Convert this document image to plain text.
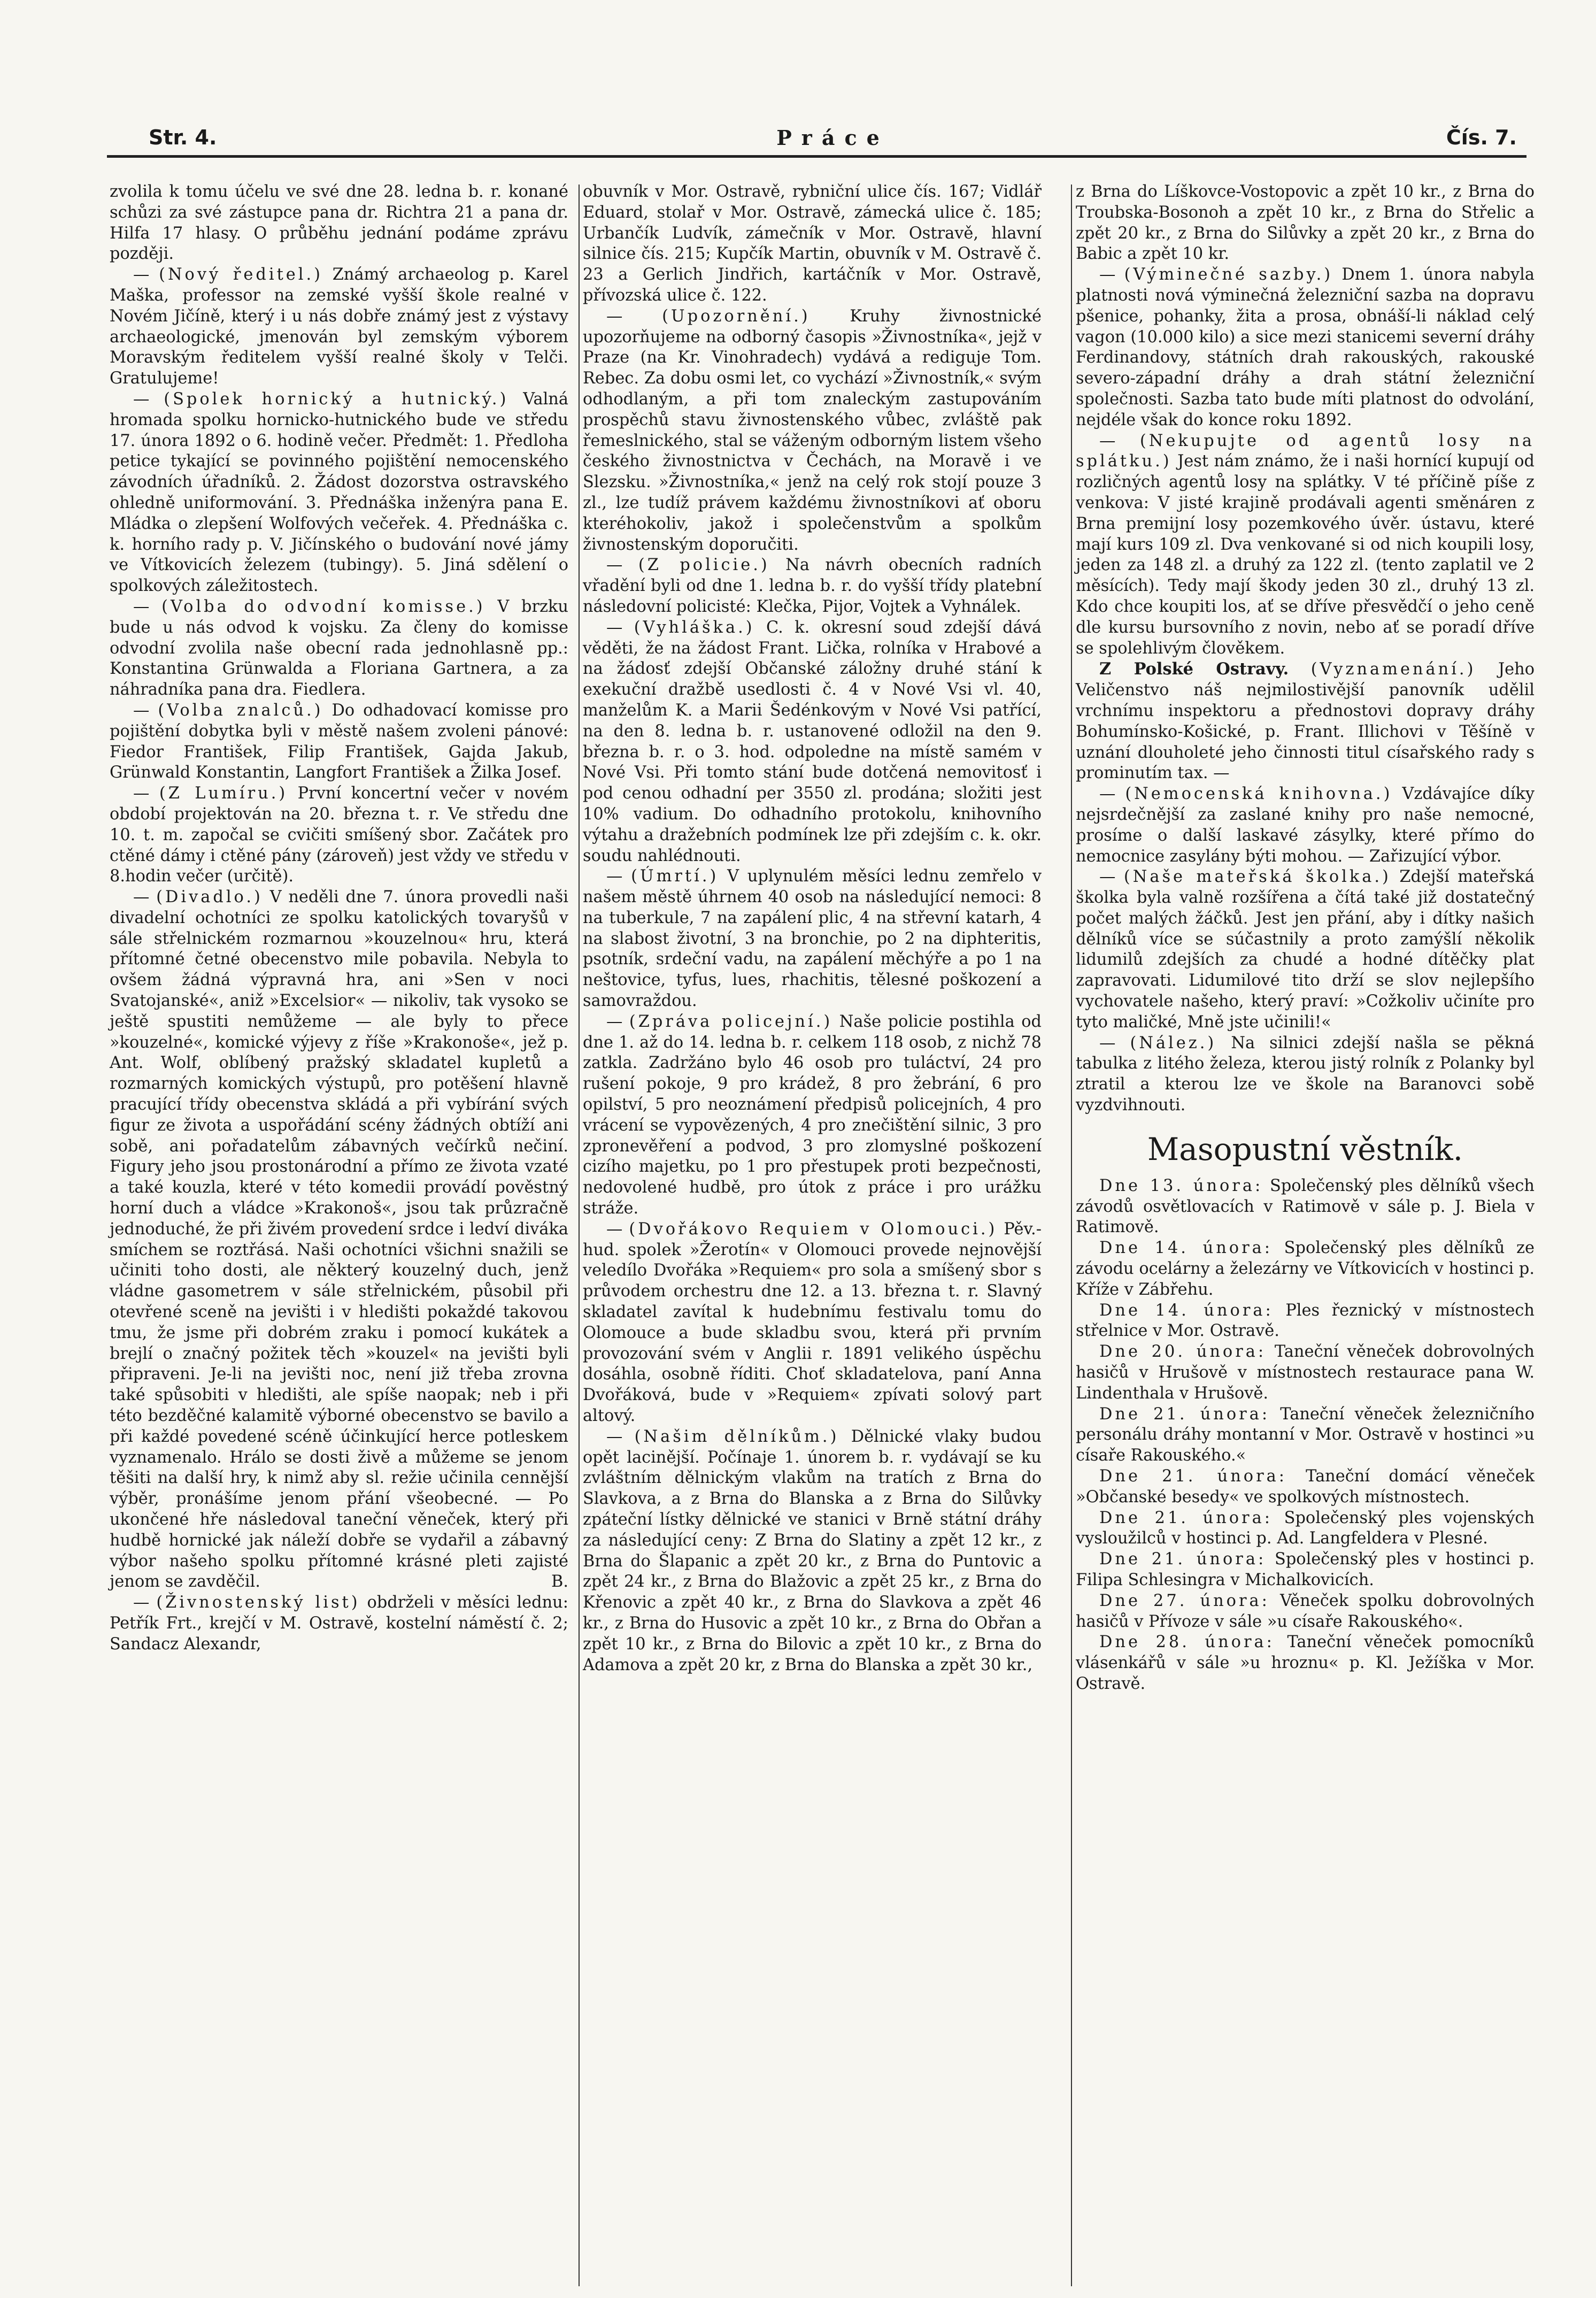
Str. 4.	Práce	Čís. 7.

zvolila k tomu účelu ve své dne 28. ledna b. r. konané schůzi za své zástupce pana dr. Richtra 21 a pana dr. Hilfa 17 hlasy. O průběhu jednání podáme zprávu později.

— (Nový ředitel.) Známý archaeolog p. Karel Maška, professor na zemské vyšší škole realné v Novém Jičíně, který i u nás dobře známý jest z výstavy archaeologické, jmenován byl zemským výborem Moravským ředitelem vyšší realné školy v Telči. Gratulujeme!

— (Spolek hornický a hutnický.) Valná hromada spolku hornicko-hutnického bude ve středu 17. února 1892 o 6. hodině večer. Předmět: 1. Předloha petice tykající se povinného pojištění nemocenského závodních úřadníků. 2. Žádost dozorstva ostravského ohledně uniformování. 3. Přednáška inženýra pana E. Mládka o zlepšení Wolfových večeřek. 4. Přednáška c. k. horního rady p. V. Jičínského o budování nové jámy ve Vítkovicích železem (tubingy). 5. Jiná sdělení o spolkových záležitostech.

— (Volba do odvodní komisse.) V brzku bude u nás odvod k vojsku. Za členy do komisse odvodní zvolila naše obecní rada jednohlasně pp.: Konstantina Grünwalda a Floriana Gartnera, a za náhradníka pana dra. Fiedlera.

— (Volba znalců.) Do odhadovací komisse pro pojištění dobytka byli v městě našem zvoleni pánové: Fiedor František, Filip František, Gajda Jakub, Grünwald Konstantin, Langfort František a Žilka Josef.

— (Z Lumíru.) První koncertní večer v novém období projektován na 20. března t. r. Ve středu dne 10. t. m. započal se cvičiti smíšený sbor. Začátek pro ctěné dámy i ctěné pány (zároveň) jest vždy ve středu v 8.hodin večer (určitě).

— (Divadlo.) V neděli dne 7. února provedli naši divadelní ochotníci ze spolku katolických tovaryšů v sále střelnickém rozmarnou »kouzelnou« hru, která přítomné četné obecenstvo mile pobavila. Nebyla to ovšem žádná výpravná hra, ani »Sen v noci Svatojanské«, aniž »Excelsior« — nikoliv, tak vysoko se ještě spustiti nemůžeme — ale byly to přece »kouzelné«, komické výjevy z říše »Krakonoše«, jež p. Ant. Wolf, oblíbený pražský skladatel kupletů a rozmarných komických výstupů, pro potěšení hlavně pracující třídy obecenstva skládá a při vybírání svých figur ze života a uspořádání scény žádných obtíží ani sobě, ani pořadatelům zábavných večírků nečiní. Figury jeho jsou prostonárodní a přímo ze života vzaté a také kouzla, které v této komedii provádí pověstný horní duch a vládce »Krakonoš«, jsou tak průzračně jednoduché, že při živém provedení srdce i ledví diváka smíchem se roztřásá. Naši ochotníci všichni snažili se učiniti toho dosti, ale některý kouzelný duch, jenž vládne gasometrem v sále střelnickém, působil při otevřené sceně na jevišti i v hledišti pokaždé takovou tmu, že jsme při dobrém zraku i pomocí kukátek a brejlí o značný požitek těch »kouzel« na jevišti byli připraveni. Je-li na jevišti noc, není již třeba zrovna také spůsobiti v hledišti, ale spíše naopak; neb i při této bezděčné kalamitě výborné obecenstvo se bavilo a při každé povedené scéně účinkující herce potleskem vyznamenalo. Hrálo se dosti živě a můžeme se jenom těšiti na další hry, k nimž aby sl. režie učinila cennější výběr, pronášíme jenom přání všeobecné. — Po ukončené hře následoval taneční věneček, který při hudbě hornické jak náleží dobře se vydařil a zábavný výbor našeho spolku přítomné krásné pleti zajisté jenom se zavděčil.	B.

— (Živnostenský list) obdrželi v měsíci lednu: Petřík Frt., krejčí v M. Ostravě, kostelní náměstí č. 2; Sandacz Alexandr,

obuvník v Mor. Ostravě, rybniční ulice čís. 167; Vidlář Eduard, stolař v Mor. Ostravě, zámecká ulice č. 185; Urbančík Ludvík, zámečník v Mor. Ostravě, hlavní silnice čís. 215; Kupčík Martin, obuvník v M. Ostravě č. 23 a Gerlich Jindřich, kartáčník v Mor. Ostravě, přívozská ulice č. 122.

— (Upozornění.) Kruhy živnostnické upozorňujeme na odborný časopis »Živnostníka«, jejž v Praze (na Kr. Vinohradech) vydává a rediguje Tom. Rebec. Za dobu osmi let, co vychází »Živnostník,« svým odhodlaným, a při tom znaleckým zastupováním prospěchů stavu živnostenského vůbec, zvláště pak řemeslnického, stal se váženým odborným listem všeho českého živnostnictva v Čechách, na Moravě i ve Slezsku. »Živnostníka,« jenž na celý rok stojí pouze 3 zl., lze tudíž právem každému živnostníkovi ať oboru kteréhokoliv, jakož i společenstvům a spolkům živnostenským doporučiti.

— (Z policie.) Na návrh obecních radních vřadění byli od dne 1. ledna b. r. do vyšší třídy platební následovní policisté: Klečka, Pijor, Vojtek a Vyhnálek.

— (Vyhláška.) C. k. okresní soud zdejší dává věděti, že na žádost Frant. Lička, rolníka v Hrabové a na žádosť zdejší Občanské záložny druhé stání k exekuční dražbě usedlosti č. 4 v Nové Vsi vl. 40, manželům K. a Marii Šedénkovým v Nové Vsi patřící, na den 8. ledna b. r. ustanovené odložil na den 9. března b. r. o 3. hod. odpoledne na místě samém v Nové Vsi. Při tomto stání bude dotčená nemovitosť i pod cenou odhadní per 3550 zl. prodána; složiti jest 10% vadium. Do odhadního protokolu, knihovního výtahu a dražebních podmínek lze při zdejším c. k. okr. soudu nahlédnouti.

— (Úmrtí.) V uplynulém měsíci lednu zemřelo v našem městě úhrnem 40 osob na následující nemoci: 8 na tuberkule, 7 na zapálení plic, 4 na střevní katarh, 4 na slabost životní, 3 na bronchie, po 2 na diphteritis, psotník, srdeční vadu, na zapálení měchýře a po 1 na neštovice, tyfus, lues, rhachitis, tělesné poškození a samovraždou.

— (Zpráva policejní.) Naše policie postihla od dne 1. až do 14. ledna b. r. celkem 118 osob, z nichž 78 zatkla. Zadržáno bylo 46 osob pro tuláctví, 24 pro rušení pokoje, 9 pro krádež, 8 pro žebrání, 6 pro opilství, 5 pro neoznámení předpisů policejních, 4 pro vrácení se vypovězených, 4 pro znečištění silnic, 3 pro zpronevěření a podvod, 3 pro zlomyslné poškození cizího majetku, po 1 pro přestupek proti bezpečnosti, nedovolené hudbě, pro útok z práce i pro urážku stráže.

— (Dvořákovo Requiem v Olomouci.) Pěv.-hud. spolek »Žerotín« v Olomouci provede nejnovější veledílo Dvořáka »Requiem« pro sola a smíšený sbor s průvodem orchestru dne 12. a 13. března t. r. Slavný skladatel zavítal k hudebnímu festivalu tomu do Olomouce a bude skladbu svou, která při prvním provozování svém v Anglii r. 1891 velikého úspěchu dosáhla, osobně říditi. Choť skladatelova, paní Anna Dvořáková, bude v »Requiem« zpívati solový part altový.

— (Našim dělníkům.) Dělnické vlaky budou opět lacinější. Počínaje 1. únorem b. r. vydávají se ku zvláštním dělnickým vlakům na tratích z Brna do Slavkova, a z Brna do Blanska a z Brna do Silůvky zpáteční lístky dělnické ve stanici v Brně státní dráhy za následující ceny: Z Brna do Slatiny a zpět 12 kr., z Brna do Šlapanic a zpět 20 kr., z Brna do Puntovic a zpět 24 kr., z Brna do Blažovic a zpět 25 kr., z Brna do Křenovic a zpět 40 kr., z Brna do Slavkova a zpět 46 kr., z Brna do Husovic a zpět 10 kr., z Brna do Obřan a zpět 10 kr., z Brna do Bilovic a zpět 10 kr., z Brna do Adamova a zpět 20 kr, z Brna do Blanska a zpět 30 kr.,

z Brna do Líškovce-Vostopovic a zpět 10 kr., z Brna do Troubska-Bosonoh a zpět 10 kr., z Brna do Střelic a zpět 20 kr., z Brna do Silůvky a zpět 20 kr., z Brna do Babic a zpět 10 kr.

— (Výminečné sazby.) Dnem 1. února nabyla platnosti nová výminečná železniční sazba na dopravu pšenice, pohanky, žita a prosa, obnáší-li náklad celý vagon (10.000 kilo) a sice mezi stanicemi severní dráhy Ferdinandovy, státních drah rakouských, rakouské severo-západní dráhy a drah státní železniční společnosti. Sazba tato bude míti platnost do odvolání, nejdéle však do konce roku 1892.

— (Nekupujte od agentů losy na splátku.) Jest nám známo, že i naši hornící kupují od rozličných agentů losy na splátky. V té příčině píše z venkova: V jisté krajině prodávali agenti směnáren z Brna premijní losy pozemkového úvěr. ústavu, které mají kurs 109 zl. Dva venkované si od nich koupili losy, jeden za 148 zl. a druhý za 122 zl. (tento zaplatil ve 2 měsících). Tedy mají škody jeden 30 zl., druhý 13 zl. Kdo chce koupiti los, ať se dříve přesvědčí o jeho ceně dle kursu bursovního z novin, nebo ať se poradí dříve se spolehlivým člověkem.

Z Polské Ostravy. (Vyznamenání.) Jeho Veličenstvo náš nejmilostivější panovník udělil vrchnímu inspektoru a přednostovi dopravy dráhy Bohumínsko-Košické, p. Frant. Illichovi v Těšíně v uznání dlouholeté jeho činnosti titul císařského rady s prominutím tax. —

— (Nemocenská knihovna.) Vzdávajíce díky nejsrdečnější za zaslané knihy pro naše nemocné, prosíme o další laskavé zásylky, které přímo do nemocnice zasylány býti mohou. — Zařizující výbor.

— (Naše mateřská školka.) Zdejší mateřská školka byla valně rozšířena a čítá také již dostatečný počet malých žáčků. Jest jen přání, aby i dítky našich dělníků více se súčastnily a proto zamýšlí několik lidumilů zdejších za chudé a hodné dítěčky plat zapravovati. Lidumilové tito drží se slov nejlepšího vychovatele našeho, který praví: »Cožkoliv učiníte pro tyto maličké, Mně jste učinili!«

— (Nález.) Na silnici zdejší našla se pěkná tabulka z litého železa, kterou jistý rolník z Polanky byl ztratil a kterou lze ve škole na Baranovci sobě vyzdvihnouti.

Masopustní věstník.

Dne 13. února: Společenský ples dělníků všech závodů osvětlovacích v Ratimově v sále p. J. Biela v Ratimově.

Dne 14. února: Společenský ples dělníků ze závodu ocelárny a železárny ve Vítkovicích v hostinci p. Kříže v Zábřehu.

Dne 14. února: Ples řeznický v místnostech střelnice v Mor. Ostravě.

Dne 20. února: Taneční věneček dobrovolných hasičů v Hrušově v místnostech restaurace pana W. Lindenthala v Hrušově.

Dne 21. února: Taneční věneček železničního personálu dráhy montanní v Mor. Ostravě v hostinci »u císaře Rakouského.«

Dne 21. února: Taneční domácí věneček »Občanské besedy« ve spolkových místnostech.

Dne 21. února: Společenský ples vojenských vysloužilců v hostinci p. Ad. Langfeldera v Plesné.

Dne 21. února: Společenský ples v hostinci p. Filipa Schlesingra v Michalkovicích.

Dne 27. února: Věneček spolku dobrovolných hasičů v Přívoze v sále »u císaře Rakouského«.

Dne 28. února: Taneční věneček pomocníků vlásenkářů v sále »u hroznu« p. Kl. Ježíška v Mor. Ostravě.
